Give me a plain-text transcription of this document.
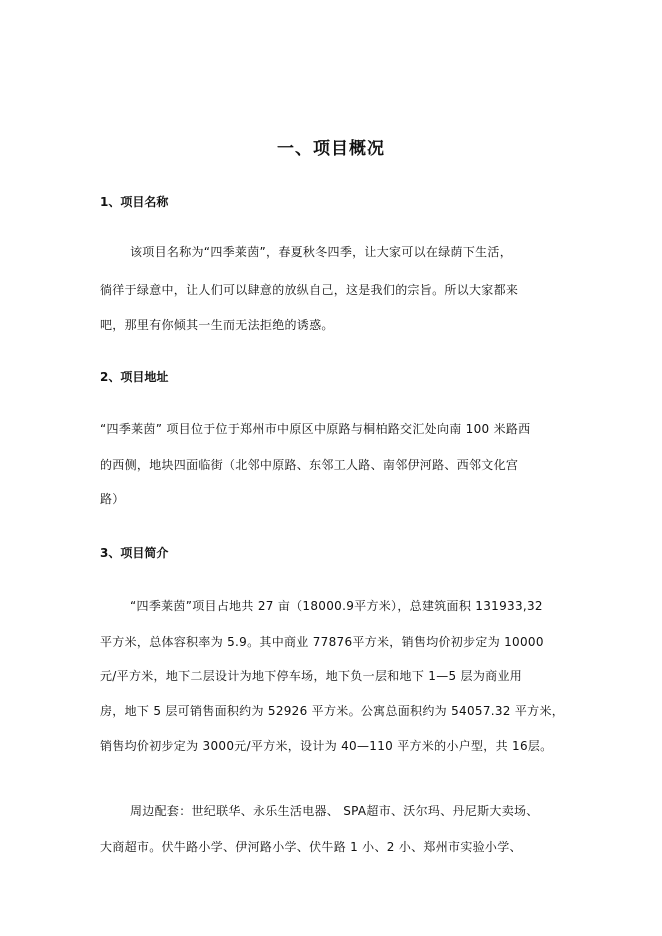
一、项目概况
1、项目名称
该项目名称为“四季莱茵”，春夏秋冬四季，让大家可以在绿荫下生活，
徜徉于绿意中，让人们可以肆意的放纵自己，这是我们的宗旨。所以大家都来
吧，那里有你倾其一生而无法拒绝的诱惑。
2、项目地址
“四季莱茵” 项目位于位于郑州市中原区中原路与桐柏路交汇处向南 100 米路西
的西侧，地块四面临街（北邻中原路、东邻工人路、南邻伊河路、西邻文化宫
路）
3、项目简介
“四季莱茵”项目占地共 27 亩（18000.9平方米），总建筑面积 131933,32
平方米，总体容积率为 5.9。其中商业 77876平方米，销售均价初步定为 10000
元/平方米，地下二层设计为地下停车场，地下负一层和地下 1—5 层为商业用
房，地下 5 层可销售面积约为 52926 平方米。公寓总面积约为 54057.32 平方米，
销售均价初步定为 3000元/平方米，设计为 40—110 平方米的小户型，共 16层。
周边配套：世纪联华、永乐生活电器、 SPA超市、沃尔玛、丹尼斯大卖场、
大商超市。伏牛路小学、伊河路小学、伏牛路 1 小、2 小、郑州市实验小学、
